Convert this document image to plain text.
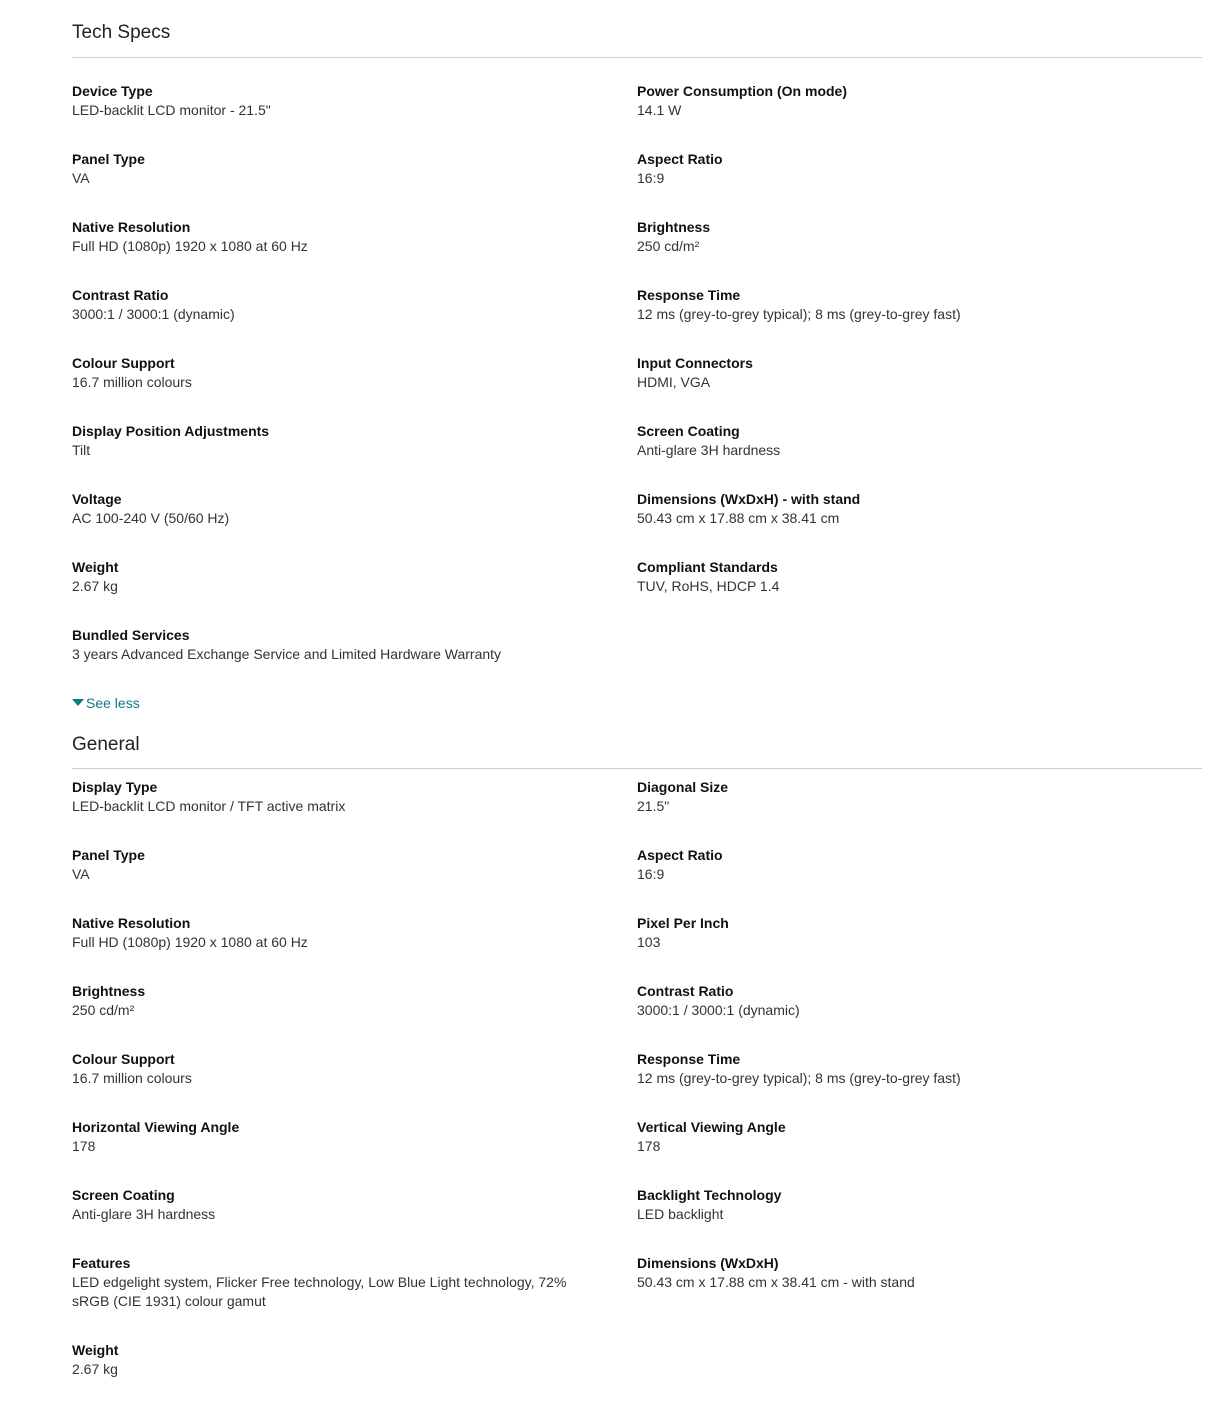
Tech Specs
Device Type
LED-backlit LCD monitor - 21.5"
Power Consumption (On mode)
14.1 W
Panel Type
VA
Aspect Ratio
16:9
Native Resolution
Full HD (1080p) 1920 x 1080 at 60 Hz
Brightness
250 cd/m²
Contrast Ratio
3000:1 / 3000:1 (dynamic)
Response Time
12 ms (grey-to-grey typical); 8 ms (grey-to-grey fast)
Colour Support
16.7 million colours
Input Connectors
HDMI, VGA
Display Position Adjustments
Tilt
Screen Coating
Anti-glare 3H hardness
Voltage
AC 100-240 V (50/60 Hz)
Dimensions (WxDxH) - with stand
50.43 cm x 17.88 cm x 38.41 cm
Weight
2.67 kg
Compliant Standards
TUV, RoHS, HDCP 1.4
Bundled Services
3 years Advanced Exchange Service and Limited Hardware Warranty
See less
General
Display Type
LED-backlit LCD monitor / TFT active matrix
Diagonal Size
21.5"
Panel Type
VA
Aspect Ratio
16:9
Native Resolution
Full HD (1080p) 1920 x 1080 at 60 Hz
Pixel Per Inch
103
Brightness
250 cd/m²
Contrast Ratio
3000:1 / 3000:1 (dynamic)
Colour Support
16.7 million colours
Response Time
12 ms (grey-to-grey typical); 8 ms (grey-to-grey fast)
Horizontal Viewing Angle
178
Vertical Viewing Angle
178
Screen Coating
Anti-glare 3H hardness
Backlight Technology
LED backlight
Features
LED edgelight system, Flicker Free technology, Low Blue Light technology, 72% sRGB (CIE 1931) colour gamut
Dimensions (WxDxH)
50.43 cm x 17.88 cm x 38.41 cm - with stand
Weight
2.67 kg
